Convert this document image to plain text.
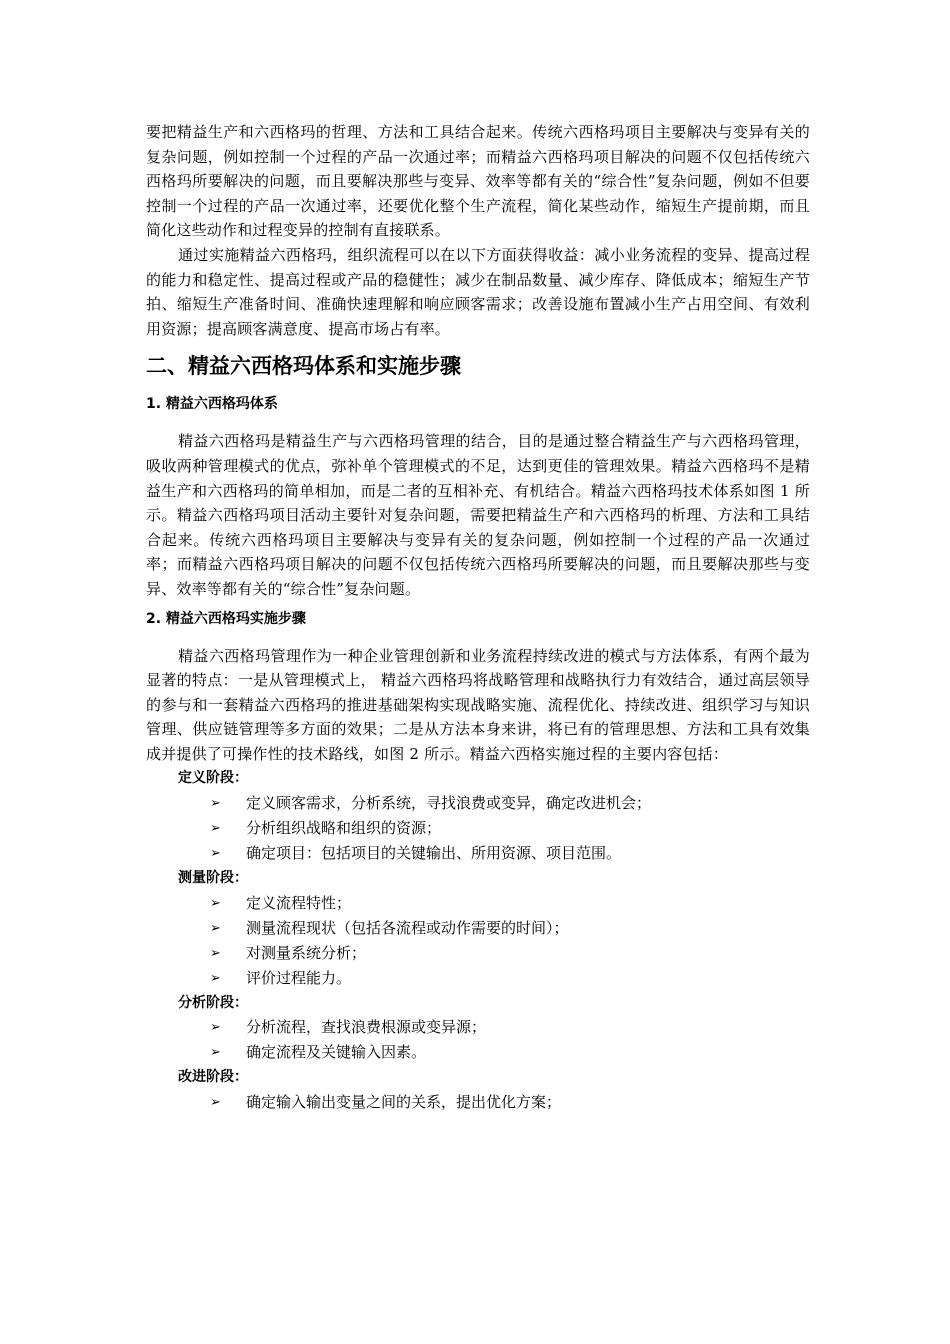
要把精益生产和六西格玛的哲理、方法和工具结合起来。传统六西格玛项目主要解决与变异有关的复杂问题，例如控制一个过程的产品一次通过率；而精益六西格玛项目解决的问题不仅包括传统六西格玛所要解决的问题，而且要解决那些与变异、效率等都有关的“综合性”复杂问题，例如不但要控制一个过程的产品一次通过率，还要优化整个生产流程，简化某些动作，缩短生产提前期，而且简化这些动作和过程变异的控制有直接联系。

通过实施精益六西格玛，组织流程可以在以下方面获得收益：减小业务流程的变异、提高过程的能力和稳定性、提高过程或产品的稳健性；减少在制品数量、减少库存、降低成本；缩短生产节拍、缩短生产准备时间、准确快速理解和响应顾客需求；改善设施布置减小生产占用空间、有效利用资源；提高顾客满意度、提高市场占有率。

二、精益六西格玛体系和实施步骤
1. 精益六西格玛体系

精益六西格玛是精益生产与六西格玛管理的结合，目的是通过整合精益生产与六西格玛管理，吸收两种管理模式的优点，弥补单个管理模式的不足，达到更佳的管理效果。精益六西格玛不是精益生产和六西格玛的简单相加，而是二者的互相补充、有机结合。精益六西格玛技术体系如图 1 所示。精益六西格玛项目活动主要针对复杂问题，需要把精益生产和六西格玛的析理、方法和工具结合起来。传统六西格玛项目主要解决与变异有关的复杂问题，例如控制一个过程的产品一次通过率；而精益六西格玛项目解决的问题不仅包括传统六西格玛所要解决的问题，而且要解决那些与变异、效率等都有关的“综合性”复杂问题。

2. 精益六西格玛实施步骤

精益六西格玛管理作为一种企业管理创新和业务流程持续改进的模式与方法体系，有两个最为显著的特点：一是从管理模式上， 精益六西格玛将战略管理和战略执行力有效结合，通过高层领导的参与和一套精益六西格玛的推进基础架构实现战略实施、流程优化、持续改进、组织学习与知识管理、供应链管理等多方面的效果；二是从方法本身来讲，将已有的管理思想、方法和工具有效集成并提供了可操作性的技术路线，如图 2 所示。精益六西格实施过程的主要内容包括：

定义阶段：
➢	定义顾客需求，分析系统，寻找浪费或变异，确定改进机会；
➢	分析组织战略和组织的资源；
➢	确定项目：包括项目的关键输出、所用资源、项目范围。
测量阶段：
➢	定义流程特性；
➢	测量流程现状（包括各流程或动作需要的时间）；
➢	对测量系统分析；
➢	评价过程能力。
分析阶段：
➢	分析流程，查找浪费根源或变异源；
➢	确定流程及关键输入因素。
改进阶段：
➢	确定输入输出变量之间的关系，提出优化方案；
